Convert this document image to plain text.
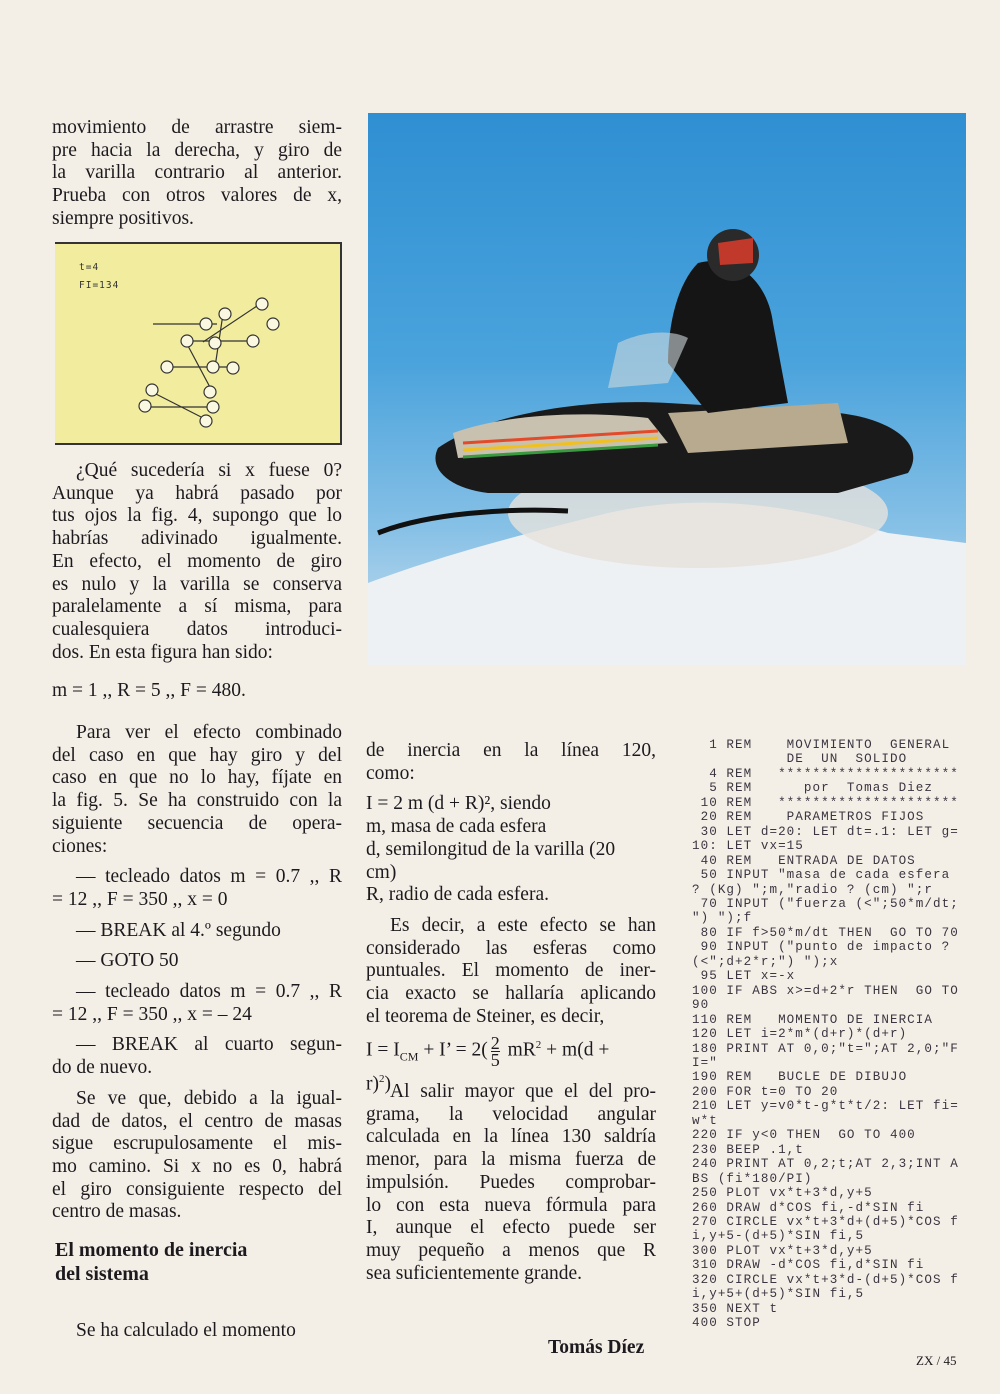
movimiento de arrastre siem-
pre hacia la derecha, y giro de
la varilla contrario al anterior.
Prueba con otros valores de x,
siempre positivos.
t=4
FI=134
¿Qué sucedería si x fuese 0?
Aunque ya habrá pasado por
tus ojos la fig. 4, supongo que lo
habrías adivinado igualmente.
En efecto, el momento de giro
es nulo y la varilla se conserva
paralelamente a sí misma, para
cualesquiera datos introduci-
dos. En esta figura han sido:
m = 1 ,, R = 5 ,, F = 480.
Para ver el efecto combinado
del caso en que hay giro y del
caso en que no lo hay, fíjate en
la fig. 5. Se ha construido con la
siguiente secuencia de opera-
ciones:
— tecleado datos m = 0.7 ,, R
= 12 ,, F = 350 ,, x = 0
— BREAK al 4.º segundo
— GOTO 50
— tecleado datos m = 0.7 ,, R
= 12 ,, F = 350 ,, x = – 24
— BREAK al cuarto segun-
do de nuevo.
Se ve que, debido a la igual-
dad de datos, el centro de masas
sigue escrupulosamente el mis-
mo camino. Si x no es 0, habrá
el giro consiguiente respecto del
centro de masas.
El momento de inercia
del sistema
Se ha calculado el momento
de inercia en la línea 120,
como:
I = 2 m (d + R)², siendo
m, masa de cada esfera
d, semilongitud de la varilla (20
cm)
R, radio de cada esfera.
Es decir, a este efecto se han
considerado las esferas como
puntuales. El momento de iner-
cia exacto se hallaría aplicando
el teorema de Steiner, es decir,
$I = I_{CM} + I$’ = $2( \frac{2}{5} mR^2 + m(d$ +
r)$^2$) Al salir mayor que el del pro-
grama, la velocidad angular
calculada en la línea 130 saldría
menor, para la misma fuerza de
impulsión. Puedes comprobar-
lo con esta nueva fórmula para
I, aunque el efecto puede ser
muy pequeño a menos que R
sea suficientemente grande.
Tomás Díez
1 REM    MOVIMIENTO  GENERAL
DE  UN  SOLIDO
4 REM   *********************
5 REM      por  Tomas Diez
10 REM   *********************
20 REM    PARAMETROS FIJOS
30 LET d=20: LET dt=.1: LET g=
10: LET vx=15
40 REM   ENTRADA DE DATOS
50 INPUT "masa de cada esfera
? (Kg) ";m,"radio ? (cm) ";r
70 INPUT ("fuerza (<";50*m/dt;
") ");f
80 IF f>50*m/dt THEN  GO TO 70
90 INPUT ("punto de impacto ?
(<";d+2*r;") ");x
95 LET x=-x
100 IF ABS x>=d+2*r THEN  GO TO
90
110 REM   MOMENTO DE INERCIA
120 LET i=2*m*(d+r)*(d+r)
180 PRINT AT 0,0;"t=";AT 2,0;"F
I="
190 REM   BUCLE DE DIBUJO
200 FOR t=0 TO 20
210 LET y=v0*t-g*t*t/2: LET fi=
w*t
220 IF y<0 THEN  GO TO 400
230 BEEP .1,t
240 PRINT AT 0,2;t;AT 2,3;INT A
BS (fi*180/PI)
250 PLOT vx*t+3*d,y+5
260 DRAW d*COS fi,-d*SIN fi
270 CIRCLE vx*t+3*d+(d+5)*COS f
i,y+5-(d+5)*SIN fi,5
300 PLOT vx*t+3*d,y+5
310 DRAW -d*COS fi,d*SIN fi
320 CIRCLE vx*t+3*d-(d+5)*COS f
i,y+5+(d+5)*SIN fi,5
350 NEXT t
400 STOP
ZX / 45
